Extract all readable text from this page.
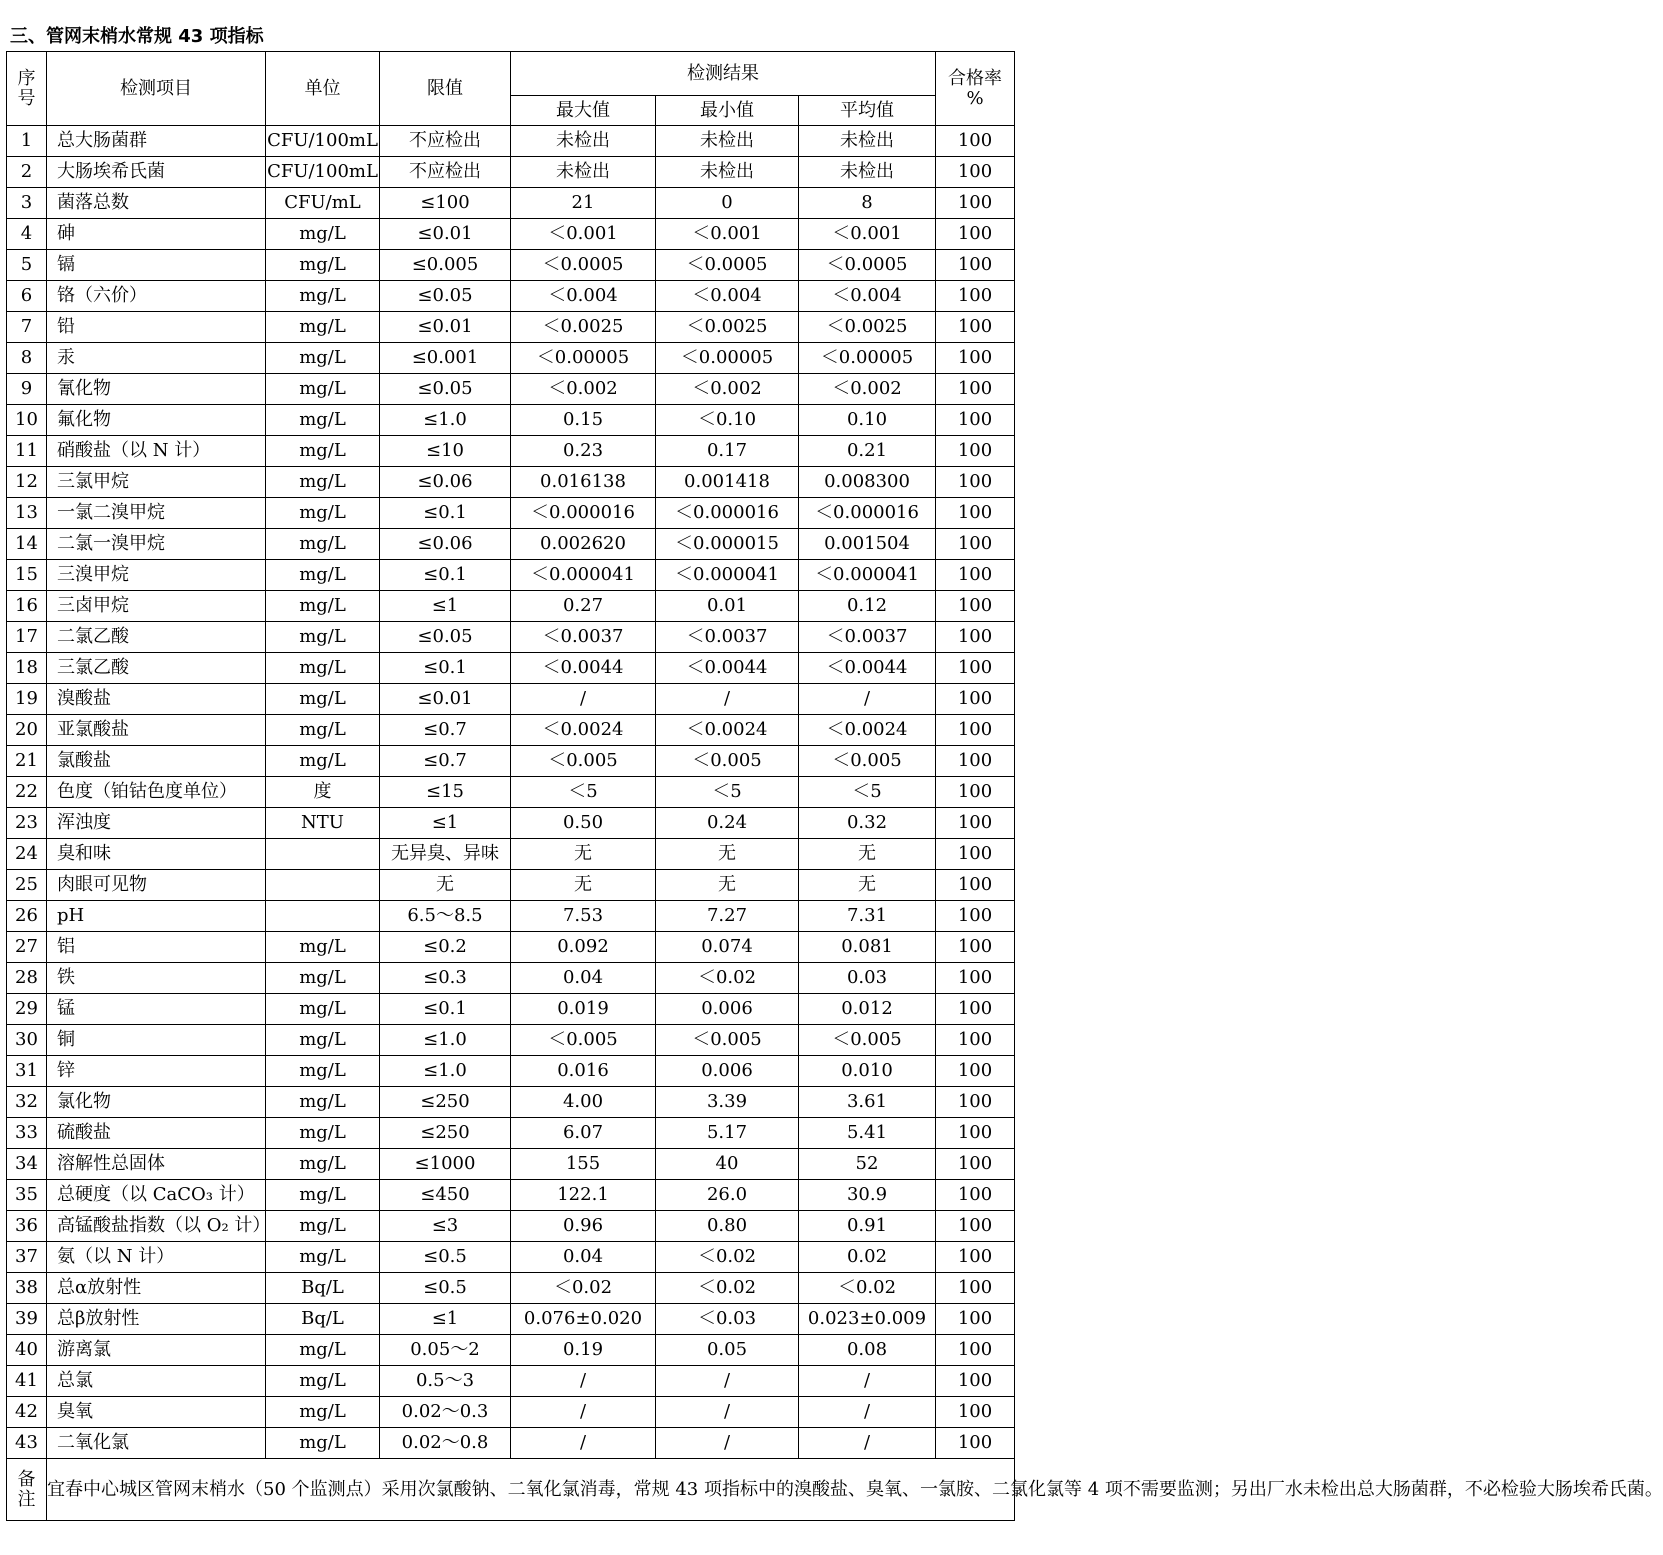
三、管网末梢水常规 43 项指标
序号	检测项目	单位	限值	检测结果			合格率
%

				最大值	最小值	平均值	
1	总大肠菌群	CFU/100mL	不应检出	未检出	未检出	未检出	100
2	大肠埃希氏菌	CFU/100mL	不应检出	未检出	未检出	未检出	100
3	菌落总数	CFU/mL	≤100	21	0	8	100
4	砷	mg/L	≤0.01	＜0.001	＜0.001	＜0.001	100
5	镉	mg/L	≤0.005	＜0.0005	＜0.0005	＜0.0005	100
6	铬（六价）	mg/L	≤0.05	＜0.004	＜0.004	＜0.004	100
7	铅	mg/L	≤0.01	＜0.0025	＜0.0025	＜0.0025	100
8	汞	mg/L	≤0.001	＜0.00005	＜0.00005	＜0.00005	100
9	氰化物	mg/L	≤0.05	＜0.002	＜0.002	＜0.002	100
10	氟化物	mg/L	≤1.0	0.15	＜0.10	0.10	100
11	硝酸盐（以 N 计）	mg/L	≤10	0.23	0.17	0.21	100
12	三氯甲烷	mg/L	≤0.06	0.016138	0.001418	0.008300	100
13	一氯二溴甲烷	mg/L	≤0.1	＜0.000016	＜0.000016	＜0.000016	100
14	二氯一溴甲烷	mg/L	≤0.06	0.002620	＜0.000015	0.001504	100
15	三溴甲烷	mg/L	≤0.1	＜0.000041	＜0.000041	＜0.000041	100
16	三卤甲烷	mg/L	≤1	0.27	0.01	0.12	100
17	二氯乙酸	mg/L	≤0.05	＜0.0037	＜0.0037	＜0.0037	100
18	三氯乙酸	mg/L	≤0.1	＜0.0044	＜0.0044	＜0.0044	100
19	溴酸盐	mg/L	≤0.01	/	/	/	100
20	亚氯酸盐	mg/L	≤0.7	＜0.0024	＜0.0024	＜0.0024	100
21	氯酸盐	mg/L	≤0.7	＜0.005	＜0.005	＜0.005	100
22	色度（铂钴色度单位）	度	≤15	＜5	＜5	＜5	100
23	浑浊度	NTU	≤1	0.50	0.24	0.32	100
24	臭和味		无异臭、异味	无	无	无	100
25	肉眼可见物		无	无	无	无	100
26	pH		6.5～8.5	7.53	7.27	7.31	100
27	铝	mg/L	≤0.2	0.092	0.074	0.081	100
28	铁	mg/L	≤0.3	0.04	＜0.02	0.03	100
29	锰	mg/L	≤0.1	0.019	0.006	0.012	100
30	铜	mg/L	≤1.0	＜0.005	＜0.005	＜0.005	100
31	锌	mg/L	≤1.0	0.016	0.006	0.010	100
32	氯化物	mg/L	≤250	4.00	3.39	3.61	100
33	硫酸盐	mg/L	≤250	6.07	5.17	5.41	100
34	溶解性总固体	mg/L	≤1000	155	40	52	100
35	总硬度（以 CaCO₃ 计）	mg/L	≤450	122.1	26.0	30.9	100
36	高锰酸盐指数（以 O₂ 计）	mg/L	≤3	0.96	0.80	0.91	100
37	氨（以 N 计）	mg/L	≤0.5	0.04	＜0.02	0.02	100
38	总α放射性	Bq/L	≤0.5	＜0.02	＜0.02	＜0.02	100
39	总β放射性	Bq/L	≤1	0.076±0.020	＜0.03	0.023±0.009	100
40	游离氯	mg/L	0.05～2	0.19	0.05	0.08	100
41	总氯	mg/L	0.5～3	/	/	/	100
42	臭氧	mg/L	0.02～0.3	/	/	/	100
43	二氧化氯	mg/L	0.02～0.8	/	/	/	100
备注	宜春中心城区管网末梢水（50 个监测点）采用次氯酸钠、二氧化氯消毒，常规 43 项指标中的溴酸盐、臭氧、一氯胺、二氯化氯等 4 项不需要监测；另出厂水未检出总大肠菌群，不必检验大肠埃希氏菌。						
